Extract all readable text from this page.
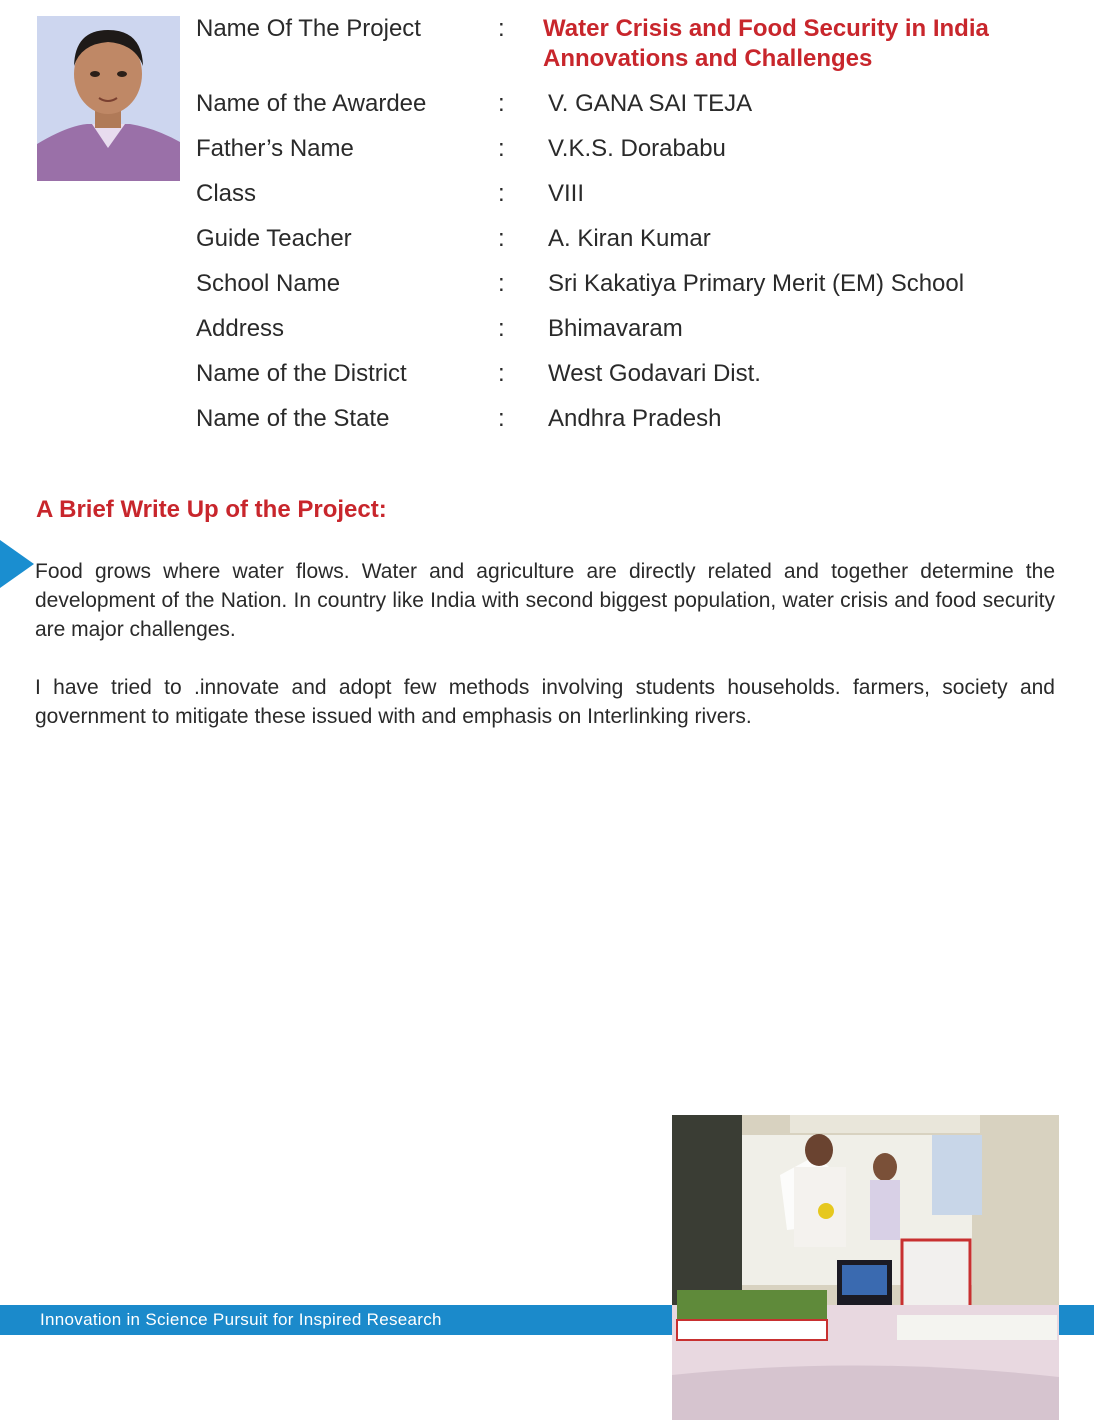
Name Of The Project	: Water Crisis and Food Security in India
Annovations and Challenges
Name of the Awardee	: V. GANA SAI TEJA
Father’s Name	: V.K.S. Dorababu
Class	: VIII
Guide Teacher	: A. Kiran Kumar
School Name	: Sri Kakatiya Primary Merit (EM) School
Address	: Bhimavaram
Name of the District	: West Godavari Dist.
Name of the State	: Andhra Pradesh
A Brief Write Up of the Project:

Food grows where water flows. Water and agriculture are directly related and together determine the development of the Nation. In country like India with second biggest population, water crisis and food security are major challenges.

I have tried to .innovate and adopt few methods involving students households. farmers, society and government to mitigate these issued with and emphasis on Interlinking rivers.

Innovation in Science Pursuit for Inspired Research
